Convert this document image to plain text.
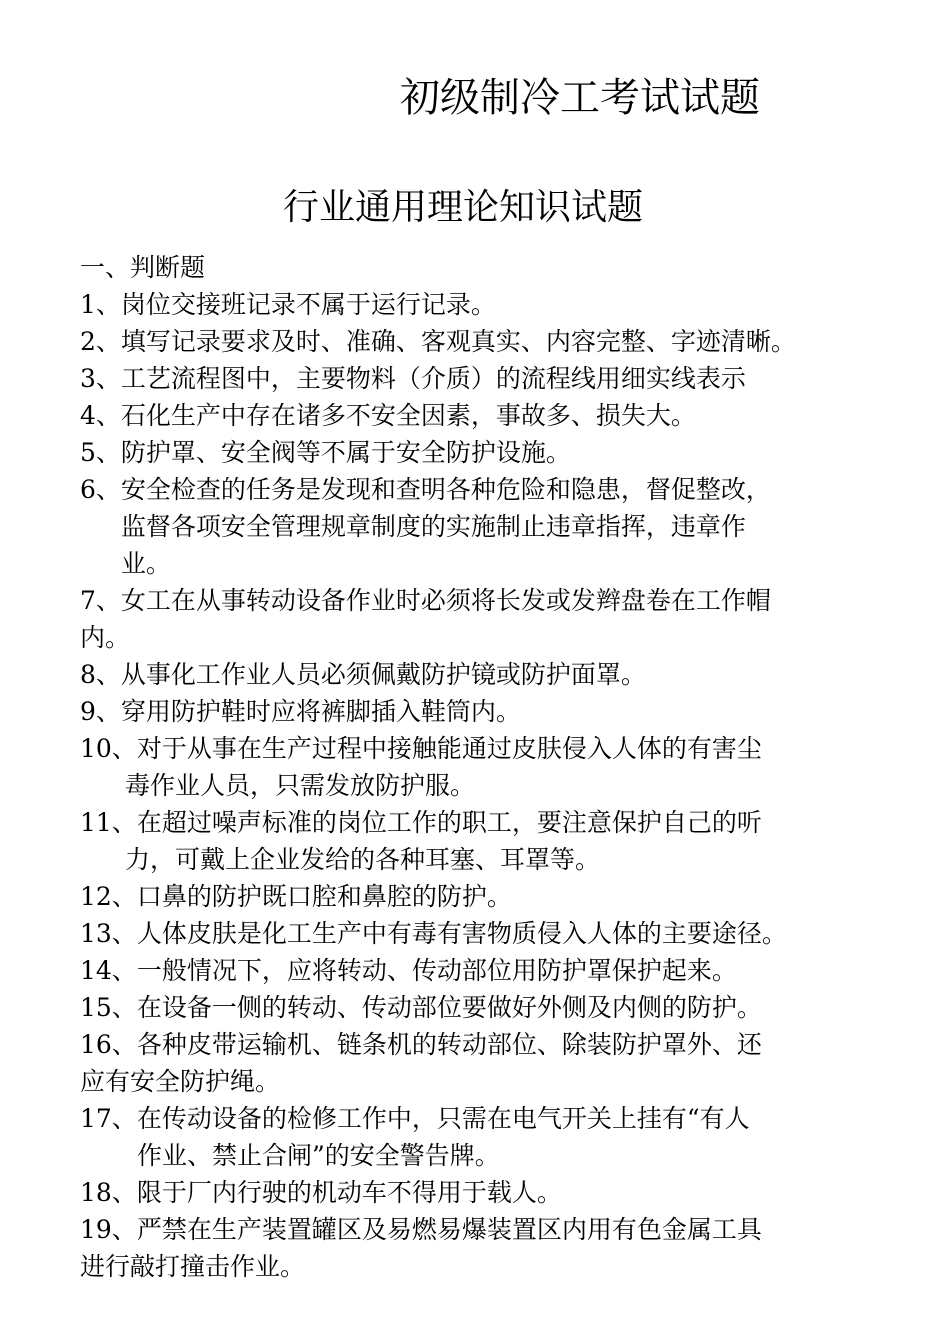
初级制冷工考试试题
行业通用理论知识试题
一、判断题
1、 岗位交接班记录不属于运行记录。
2、 填写记录要求及时、准确、客观真实、内容完整、字迹清晰。
3、 工艺流程图中，主要物料（介质）的流程线用细实线表示
4、 石化生产中存在诸多不安全因素，事故多、损失大。
5、 防护罩、安全阀等不属于安全防护设施。
6、 安全检查的任务是发现和查明各种危险和隐患，督促整改，
监督各项安全管理规章制度的实施制止违章指挥，违章作
业。
7、女工在从事转动设备作业时必须将长发或发辫盘卷在工作帽
内。
8、 从事化工作业人员必须佩戴防护镜或防护面罩。
9、 穿用防护鞋时应将裤脚插入鞋筒内。
10、对于从事在生产过程中接触能通过皮肤侵入人体的有害尘
毒作业人员，只需发放防护服。
11、在超过噪声标准的岗位工作的职工，要注意保护自己的听
力，可戴上企业发给的各种耳塞、耳罩等。
12、 口鼻的防护既口腔和鼻腔的防护。
13、 人体皮肤是化工生产中有毒有害物质侵入人体的主要途径。
14、 一般情况下，应将转动、传动部位用防护罩保护起来。
15、 在设备一侧的转动、传动部位要做好外侧及内侧的防护。
16、各种皮带运输机、链条机的转动部位、除装防护罩外、还
应有安全防护绳。
17、在传动设备的检修工作中，只需在电气开关上挂有“有人
作业、禁止合闸”的安全警告牌。
18、 限于厂内行驶的机动车不得用于载人。
19、严禁在生产装置罐区及易燃易爆装置区内用有色金属工具
进行敲打撞击作业。
